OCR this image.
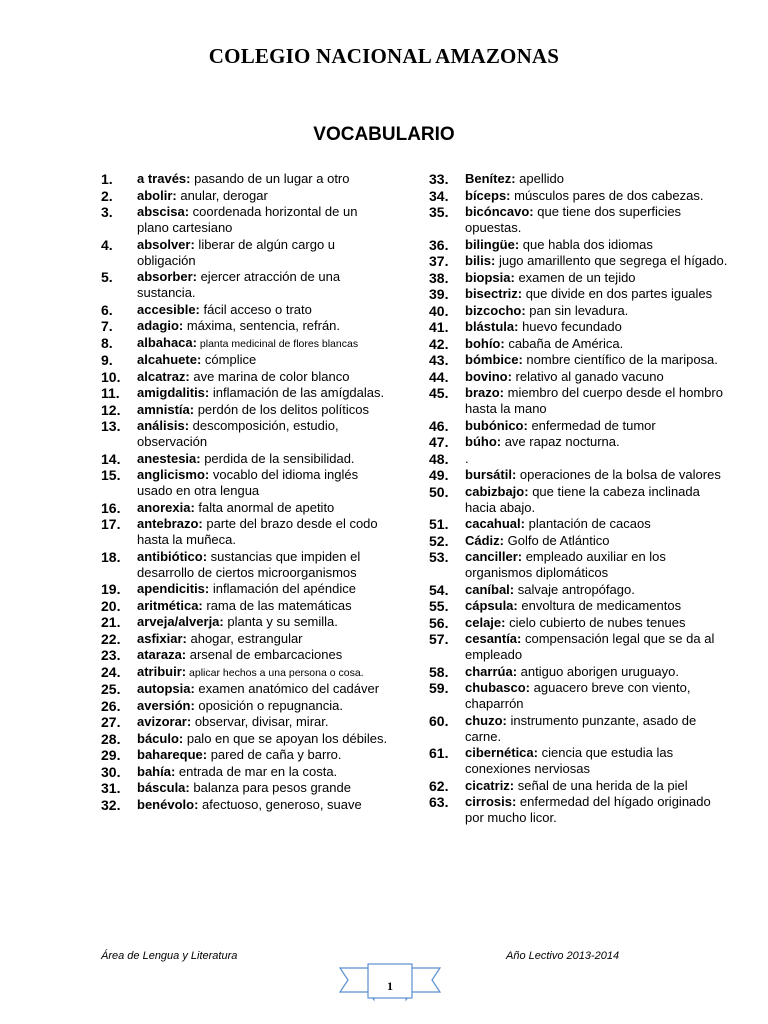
COLEGIO NACIONAL AMAZONAS
VOCABULARIO
1.	a través: pasando de un lugar a otro
2.	abolir: anular, derogar
3.	abscisa: coordenada horizontal de un plano cartesiano
4.	absolver: liberar de algún cargo u obligación
5.	absorber: ejercer atracción de una sustancia.
6.	accesible: fácil acceso o trato
7.	adagio: máxima, sentencia, refrán.
8.	albahaca: planta medicinal de flores blancas
9.	alcahuete: cómplice
10.	alcatraz: ave marina de color blanco
11.	amigdalitis: inflamación de las amígdalas.
12.	amnistía: perdón de los delitos políticos
13.	análisis: descomposición, estudio, observación
14.	anestesia: perdida de la sensibilidad.
15.	anglicismo: vocablo del idioma inglés usado en otra lengua
16.	anorexia: falta anormal de apetito
17.	antebrazo: parte del brazo desde el codo hasta la muñeca.
18.	antibiótico: sustancias que impiden el desarrollo de ciertos microorganismos
19.	apendicitis: inflamación del apéndice
20.	aritmética: rama de las matemáticas
21.	arveja/alverja: planta y su semilla.
22.	asfixiar: ahogar, estrangular
23.	ataraza: arsenal de embarcaciones
24.	atribuir: aplicar hechos a una persona o cosa.
25.	autopsia: examen anatómico del cadáver
26.	aversión: oposición o repugnancia.
27.	avizorar: observar, divisar, mirar.
28.	báculo: palo en que se apoyan los débiles.
29.	bahareque: pared de caña y barro.
30.	bahía: entrada de mar en la costa.
31.	báscula: balanza para pesos grande
32.	benévolo: afectuoso, generoso, suave
33.	Benítez: apellido
34.	bíceps: músculos pares de dos cabezas.
35.	bicóncavo: que tiene dos superficies opuestas.
36.	bilingüe: que habla dos idiomas
37.	bilis: jugo amarillento que segrega el hígado.
38.	biopsia: examen de un tejido
39.	bisectriz: que divide en dos partes iguales
40.	bizcocho: pan sin levadura.
41.	blástula: huevo fecundado
42.	bohío: cabaña de América.
43.	bómbice: nombre científico de la mariposa.
44.	bovino: relativo al ganado vacuno
45.	brazo: miembro del cuerpo desde el hombro hasta la mano
46.	bubónico: enfermedad de tumor
47.	búho: ave rapaz nocturna.
48.	.
49.	bursátil: operaciones de la bolsa de valores
50.	cabizbajo: que tiene la cabeza inclinada hacia abajo.
51.	cacahual: plantación de cacaos
52.	Cádiz: Golfo de Atlántico
53.	canciller: empleado auxiliar en los organismos diplomáticos
54.	caníbal: salvaje antropófago.
55.	cápsula: envoltura de medicamentos
56.	celaje: cielo cubierto de nubes tenues
57.	cesantía: compensación legal que se da al empleado
58.	charrúa: antiguo aborigen uruguayo.
59.	chubasco: aguacero breve con viento, chaparrón
60.	chuzo: instrumento punzante, asado de carne.
61.	cibernética: ciencia que estudia las conexiones nerviosas
62.	cicatriz: señal de una herida de la piel
63.	cirrosis: enfermedad del hígado originado por mucho licor.
Área de Lengua y Literatura	Año Lectivo 2013-2014
1
